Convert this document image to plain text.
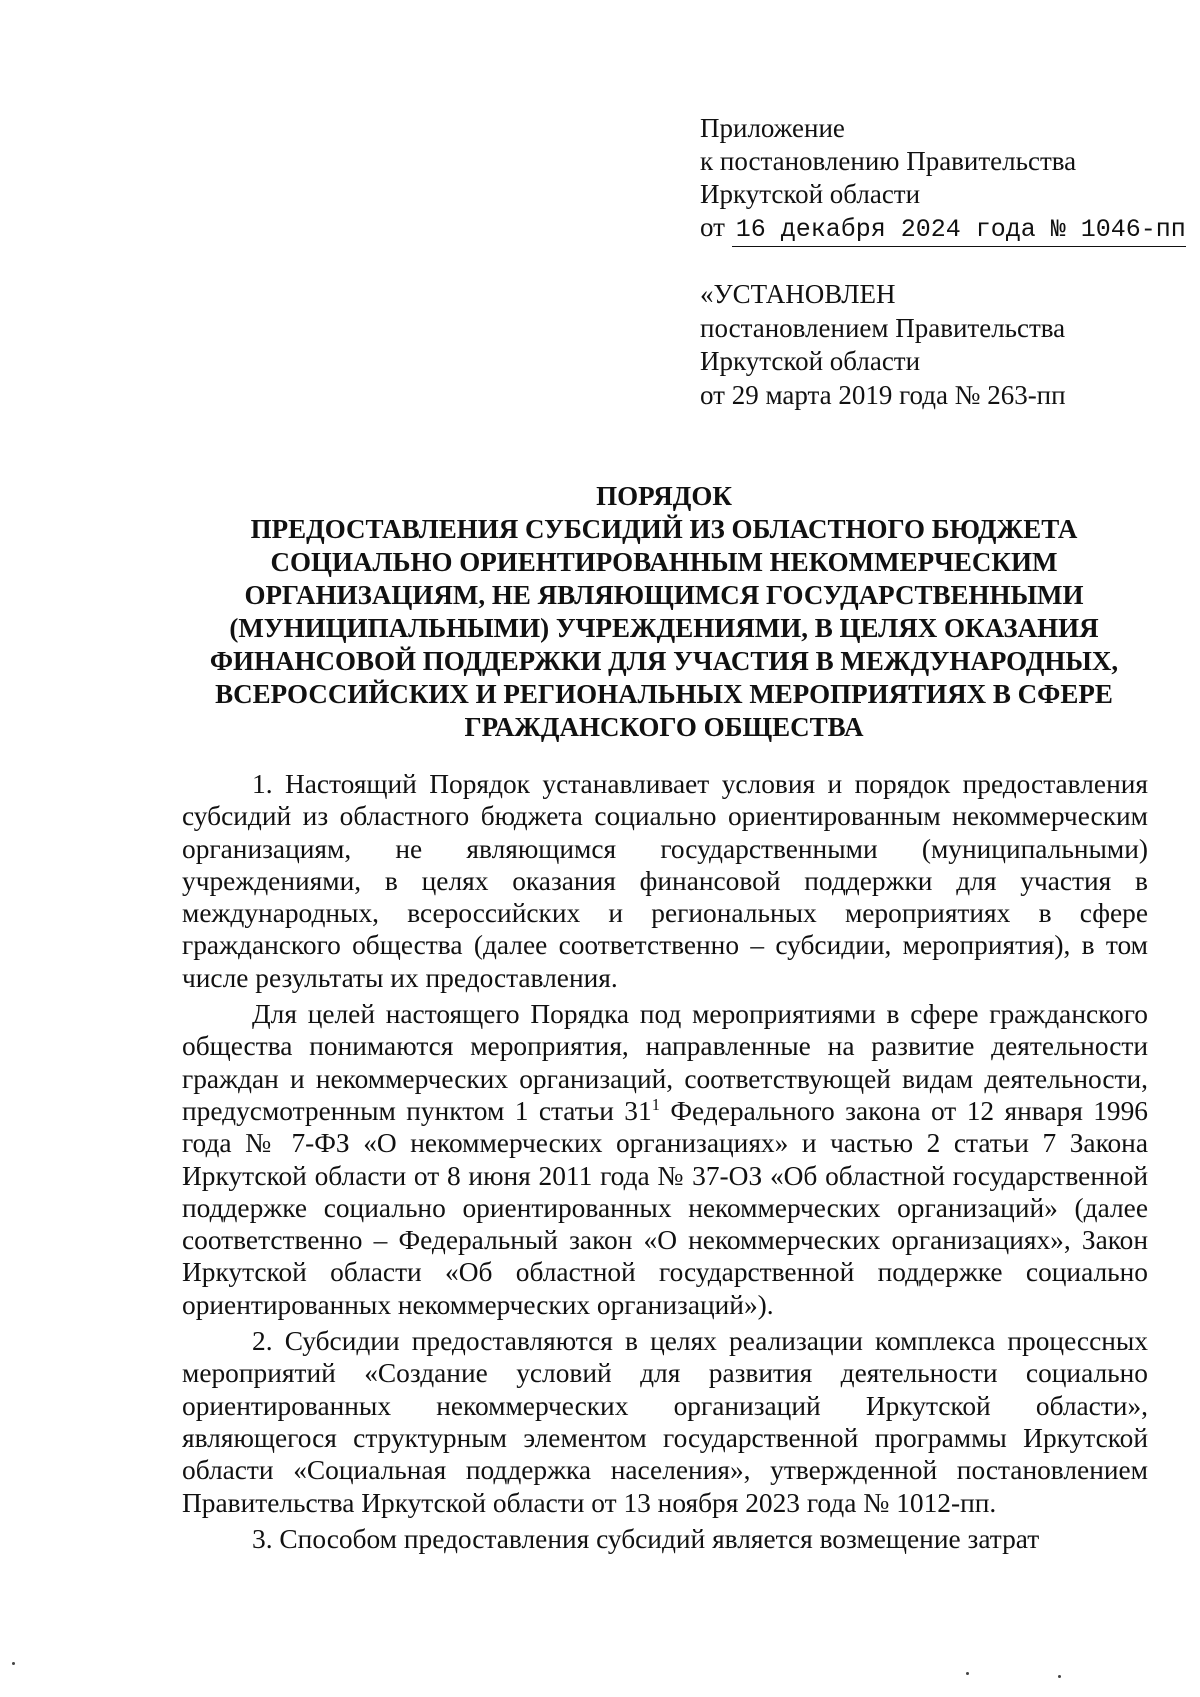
Приложение
к постановлению Правительства
Иркутской области
от 16 декабря 2024 года № 1046-пп
«УСТАНОВЛЕН
постановлением Правительства
Иркутской области
от 29 марта 2019 года № 263-пп
ПОРЯДОК
ПРЕДОСТАВЛЕНИЯ СУБСИДИЙ ИЗ ОБЛАСТНОГО БЮДЖЕТА
СОЦИАЛЬНО ОРИЕНТИРОВАННЫМ НЕКОММЕРЧЕСКИМ
ОРГАНИЗАЦИЯМ, НЕ ЯВЛЯЮЩИМСЯ ГОСУДАРСТВЕННЫМИ
(МУНИЦИПАЛЬНЫМИ) УЧРЕЖДЕНИЯМИ, В ЦЕЛЯХ ОКАЗАНИЯ
ФИНАНСОВОЙ ПОДДЕРЖКИ ДЛЯ УЧАСТИЯ В МЕЖДУНАРОДНЫХ,
ВСЕРОССИЙСКИХ И РЕГИОНАЛЬНЫХ МЕРОПРИЯТИЯХ В СФЕРЕ
ГРАЖДАНСКОГО ОБЩЕСТВА

1. Настоящий Порядок устанавливает условия и порядок предоставления субсидий из областного бюджета социально ориентированным некоммерческим организациям, не являющимся государственными (муниципальными) учреждениями, в целях оказания финансовой поддержки для участия в международных, всероссийских и региональных мероприятиях в сфере гражданского общества (далее соответственно – субсидии, мероприятия), в том числе результаты их предоставления.

Для целей настоящего Порядка под мероприятиями в сфере гражданского общества понимаются мероприятия, направленные на развитие деятельности граждан и некоммерческих организаций, соответствующей видам деятельности, предусмотренным пунктом 1 статьи $31^1$ Федерального закона от 12 января 1996 года № 7-ФЗ «О некоммерческих организациях» и частью 2 статьи 7 Закона Иркутской области от 8 июня 2011 года № 37-ОЗ «Об областной государственной поддержке социально ориентированных некоммерческих организаций» (далее соответственно – Федеральный закон «О некоммерческих организациях», Закон Иркутской области «Об областной государственной поддержке социально ориентированных некоммерческих организаций»).

2. Субсидии предоставляются в целях реализации комплекса процессных мероприятий «Создание условий для развития деятельности социально ориентированных некоммерческих организаций Иркутской области», являющегося структурным элементом государственной программы Иркутской области «Социальная поддержка населения», утвержденной постановлением Правительства Иркутской области от 13 ноября 2023 года № 1012-пп.

3. Способом предоставления субсидий является возмещение затрат
